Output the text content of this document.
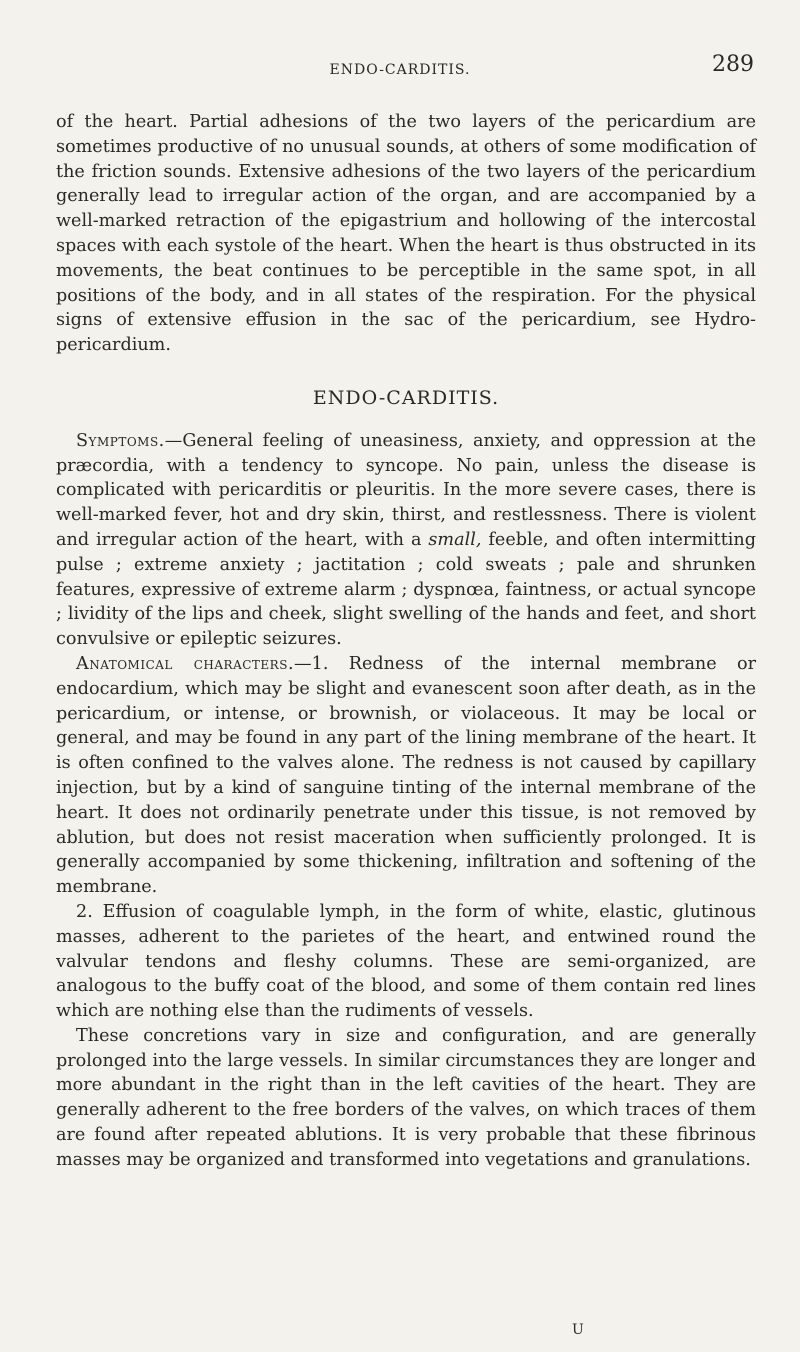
ENDO-CARDITIS.	289

of the heart. Partial adhesions of the two layers of the pericardium are sometimes productive of no unusual sounds, at others of some modification of the friction sounds. Extensive adhesions of the two layers of the pericardium generally lead to irregular action of the organ, and are accompanied by a well-marked retraction of the epigastrium and hollowing of the intercostal spaces with each systole of the heart. When the heart is thus obstructed in its movements, the beat continues to be perceptible in the same spot, in all positions of the body, and in all states of the respiration. For the physical signs of extensive effusion in the sac of the pericardium, see Hydro-pericardium.

ENDO-CARDITIS.

Symptoms.—General feeling of uneasiness, anxiety, and oppression at the præcordia, with a tendency to syncope. No pain, unless the disease is complicated with pericarditis or pleuritis. In the more severe cases, there is well-marked fever, hot and dry skin, thirst, and restlessness. There is violent and irregular action of the heart, with a small, feeble, and often intermitting pulse ; extreme anxiety ; jactitation ; cold sweats ; pale and shrunken features, expressive of extreme alarm ; dyspnœa, faintness, or actual syncope ; lividity of the lips and cheek, slight swelling of the hands and feet, and short convulsive or epileptic seizures.

Anatomical characters.—1. Redness of the internal membrane or endocardium, which may be slight and evanescent soon after death, as in the pericardium, or intense, or brownish, or violaceous. It may be local or general, and may be found in any part of the lining membrane of the heart. It is often confined to the valves alone. The redness is not caused by capillary injection, but by a kind of sanguine tinting of the internal membrane of the heart. It does not ordinarily penetrate under this tissue, is not removed by ablution, but does not resist maceration when sufficiently prolonged. It is generally accompanied by some thickening, infiltration and softening of the membrane.

2. Effusion of coagulable lymph, in the form of white, elastic, glutinous masses, adherent to the parietes of the heart, and entwined round the valvular tendons and fleshy columns. These are semi-organized, are analogous to the buffy coat of the blood, and some of them contain red lines which are nothing else than the rudiments of vessels.

These concretions vary in size and configuration, and are generally prolonged into the large vessels. In similar circumstances they are longer and more abundant in the right than in the left cavities of the heart. They are generally adherent to the free borders of the valves, on which traces of them are found after repeated ablutions. It is very probable that these fibrinous masses may be organized and transformed into vegetations and granulations.

U
